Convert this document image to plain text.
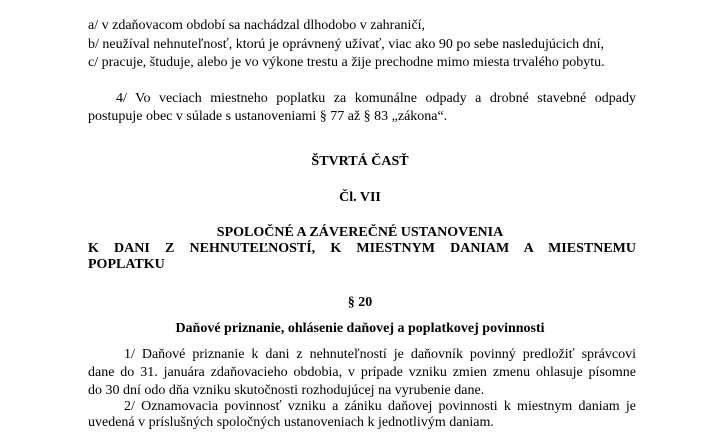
a/ v zdaňovacom období sa nachádzal dlhodobo v zahraničí,
b/ neužíval nehnuteľnosť, ktorú je oprávnený užívať, viac ako 90 po sebe nasledujúcich dní,
c/ pracuje, študuje, alebo je vo výkone trestu a žije prechodne mimo miesta trvalého pobytu.
4/ Vo veciach miestneho poplatku za komunálne odpady a drobné stavebné odpady
postupuje obec v súlade s ustanoveniami § 77 až § 83 „zákona“.
ŠTVRTÁ ČASŤ
Čl. VII
SPOLOČNÉ A ZÁVEREČNÉ USTANOVENIA
K DANI Z NEHNUTEĽNOSTÍ, K MIESTNYM DANIAM A MIESTNEMU
POPLATKU
§ 20
Daňové priznanie, ohlásenie daňovej a poplatkovej povinnosti
1/ Daňové priznanie k dani z nehnuteľností je daňovník povinný predložiť správcovi
dane do 31. januára zdaňovacieho obdobia, v prípade vzniku zmien zmenu ohlasuje písomne
do 30 dní odo dňa vzniku skutočnosti rozhodujúcej na vyrubenie dane.
2/ Oznamovacia povinnosť vzniku a zániku daňovej povinnosti k miestnym daniam je
uvedená v príslušných spoločných ustanoveniach k jednotlivým daniam.
